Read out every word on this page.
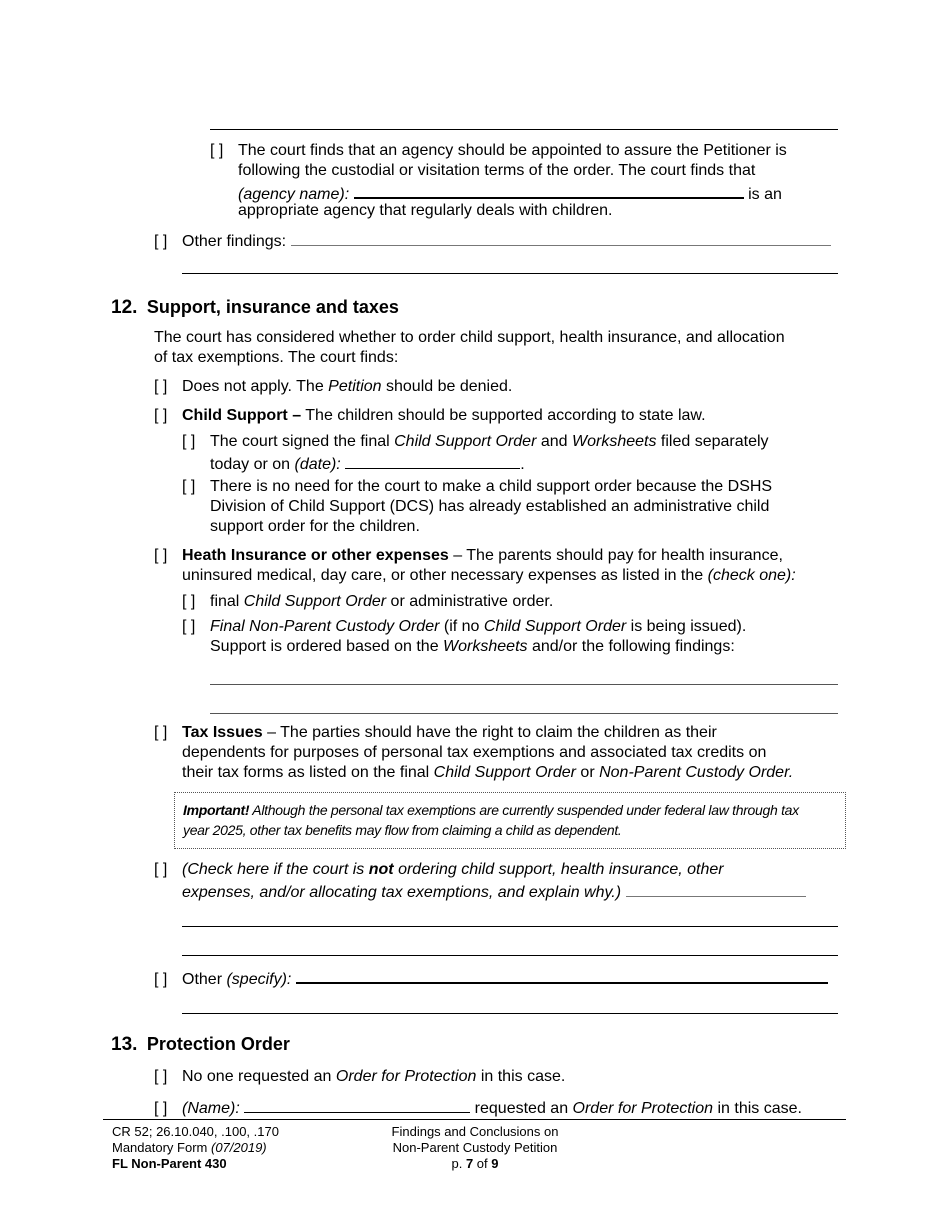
[ ] The court finds that an agency should be appointed to assure the Petitioner is
following the custodial or visitation terms of the order. The court finds that
(agency name):	is an
appropriate agency that regularly deals with children.
[ ] Other findings:
12. Support, insurance and taxes
The court has considered whether to order child support, health insurance, and allocation
of tax exemptions. The court finds:
[ ] Does not apply. The Petition should be denied.
[ ] Child Support – The children should be supported according to state law.
[ ] The court signed the final Child Support Order and Worksheets filed separately
today or on (date):	.
[ ] There is no need for the court to make a child support order because the DSHS
Division of Child Support (DCS) has already established an administrative child
support order for the children.
[ ] Heath Insurance or other expenses – The parents should pay for health insurance,
uninsured medical, day care, or other necessary expenses as listed in the (check one):
[ ] final Child Support Order or administrative order.
[ ] Final Non-Parent Custody Order (if no Child Support Order is being issued).
Support is ordered based on the Worksheets and/or the following findings:
[ ] Tax Issues – The parties should have the right to claim the children as their
dependents for purposes of personal tax exemptions and associated tax credits on
their tax forms as listed on the final Child Support Order or Non-Parent Custody Order.
Important! Although the personal tax exemptions are currently suspended under federal law through tax
year 2025, other tax benefits may flow from claiming a child as dependent.
[ ] (Check here if the court is not ordering child support, health insurance, other
expenses, and/or allocating tax exemptions, and explain why.)
[ ] Other (specify):
13. Protection Order
[ ] No one requested an Order for Protection in this case.
[ ] (Name):	requested an Order for Protection in this case.
CR 52; 26.10.040, .100, .170
Mandatory Form (07/2019)
FL Non-Parent 430
Findings and Conclusions on
Non-Parent Custody Petition
p. 7 of 9
